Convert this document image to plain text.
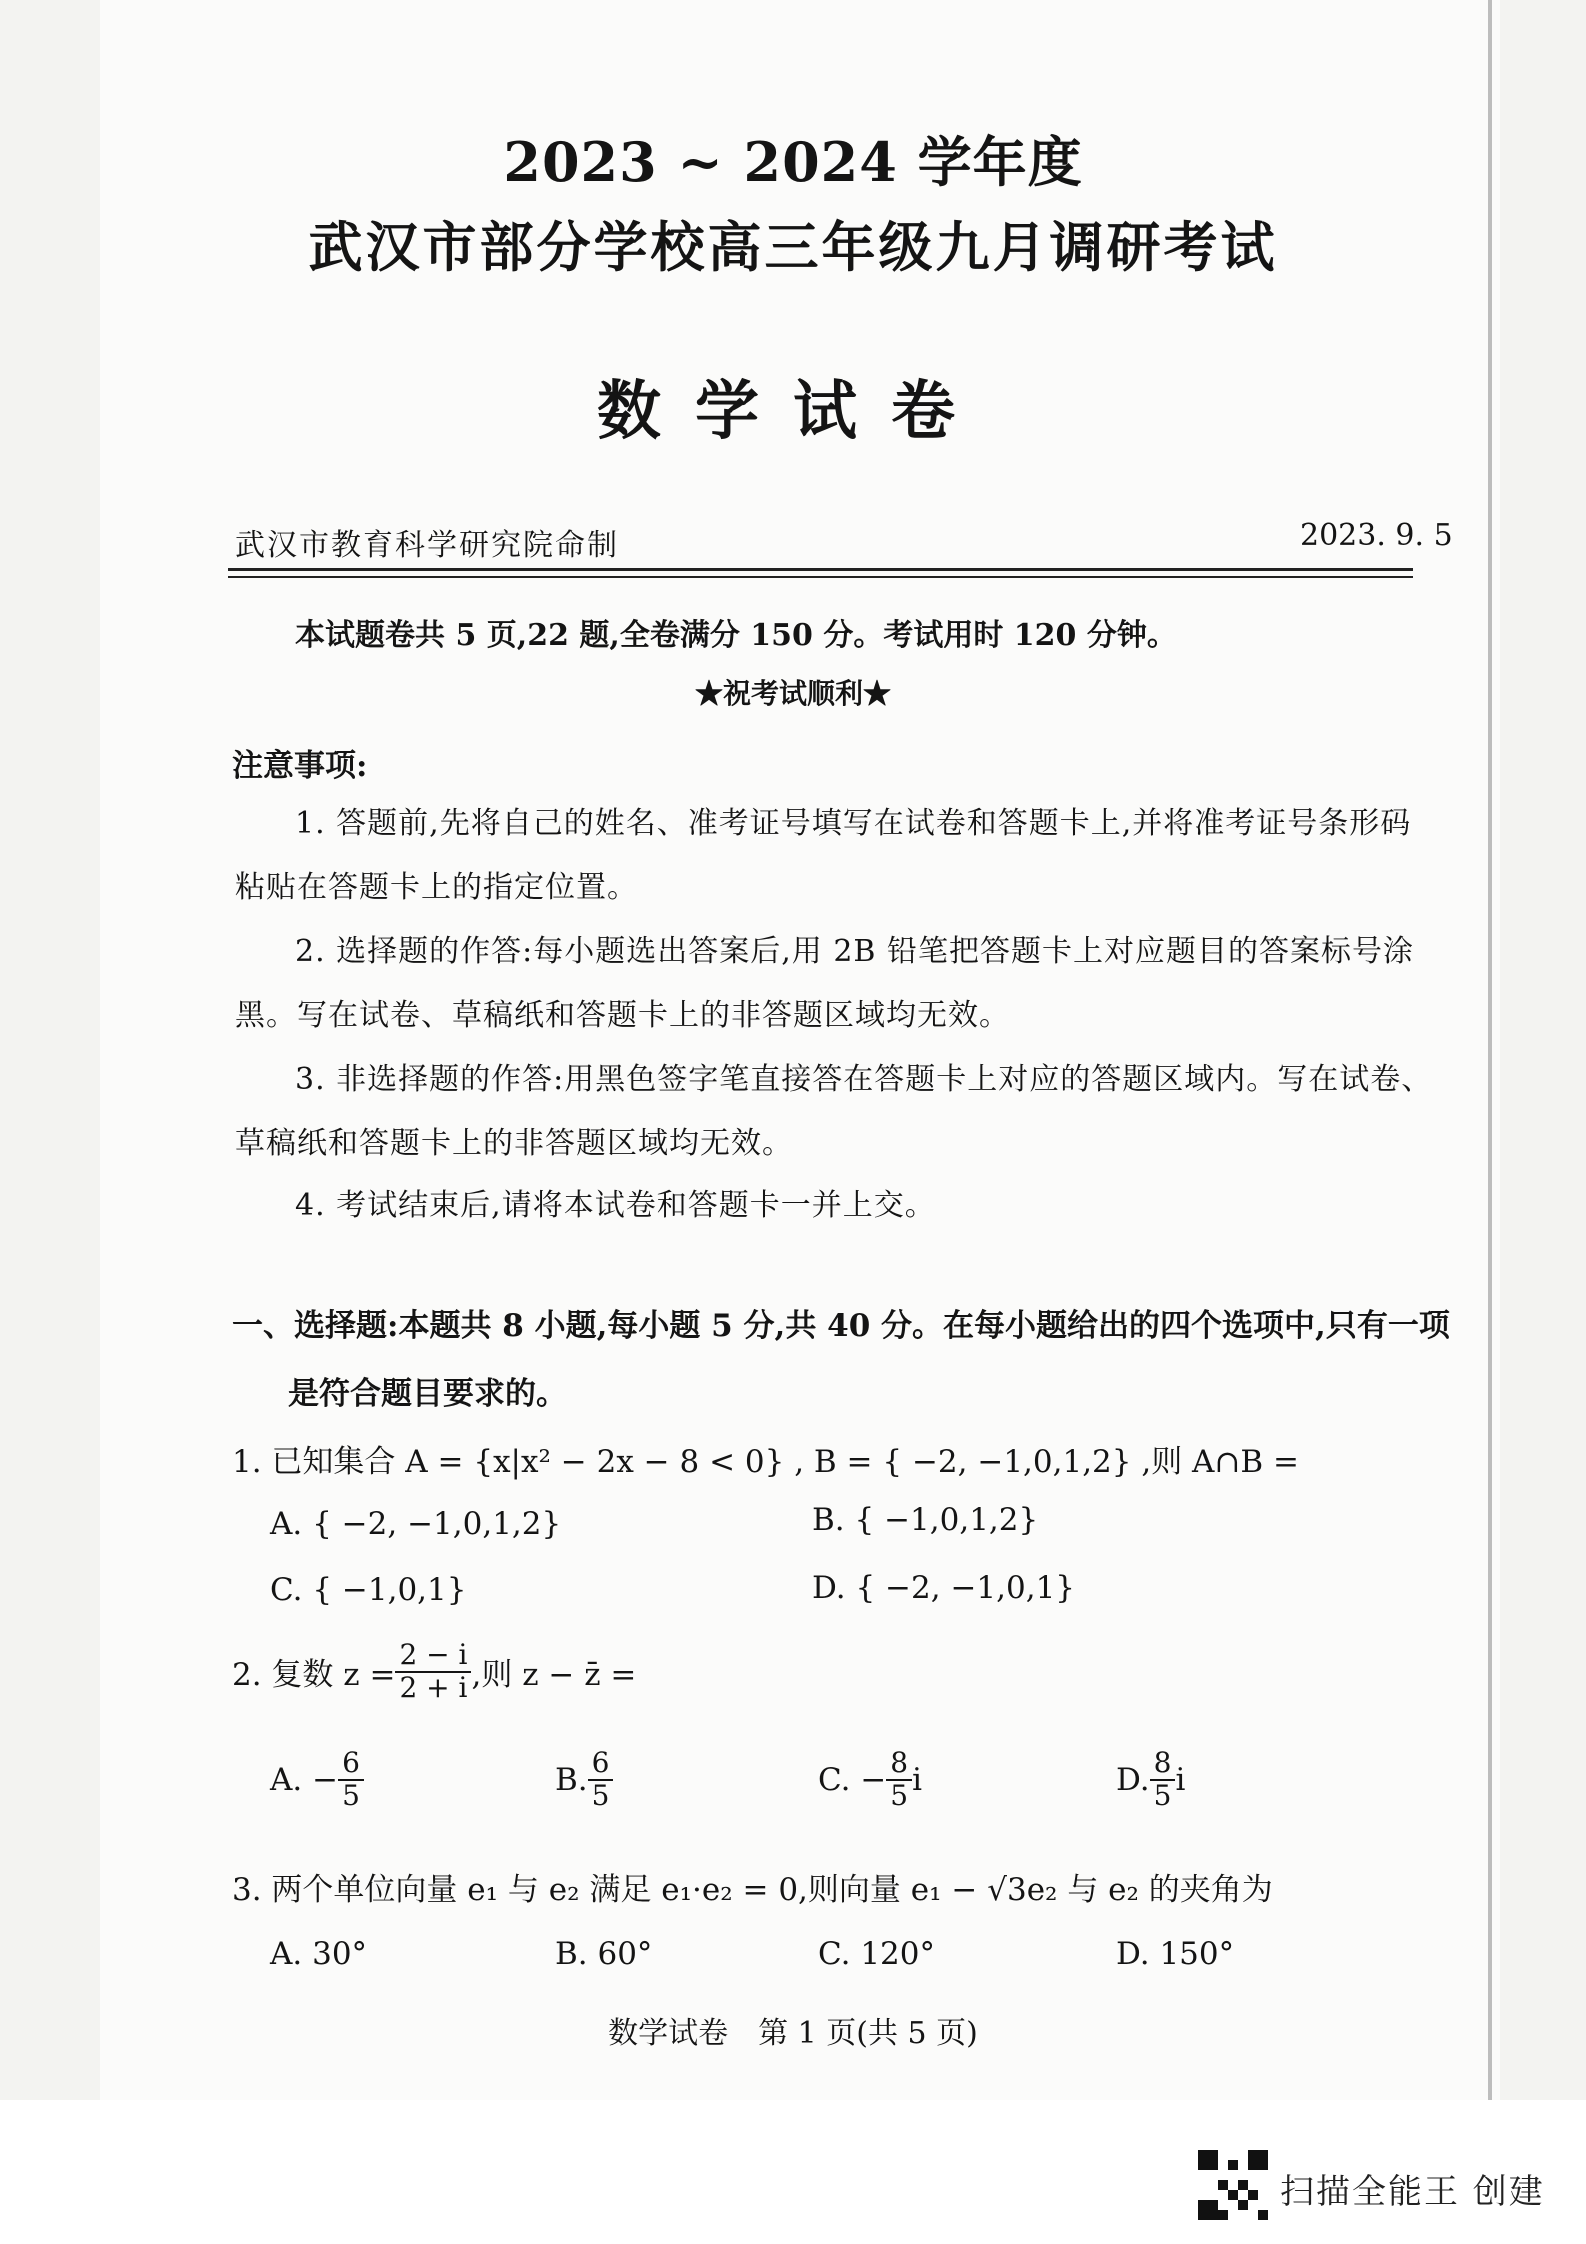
2023 ~ 2024 学年度
武汉市部分学校高三年级九月调研考试
数学试卷
武汉市教育科学研究院命制	2023. 9. 5
本试题卷共 5 页,22 题,全卷满分 150 分。考试用时 120 分钟。
★祝考试顺利★
注意事项:
1. 答题前,先将自己的姓名、准考证号填写在试卷和答题卡上,并将准考证号条形码
粘贴在答题卡上的指定位置。
2. 选择题的作答:每小题选出答案后,用 2B 铅笔把答题卡上对应题目的答案标号涂
黑。写在试卷、草稿纸和答题卡上的非答题区域均无效。
3. 非选择题的作答:用黑色签字笔直接答在答题卡上对应的答题区域内。写在试卷、
草稿纸和答题卡上的非答题区域均无效。
4. 考试结束后,请将本试卷和答题卡一并上交。
一、选择题:本题共 8 小题,每小题 5 分,共 40 分。在每小题给出的四个选项中,只有一项
是符合题目要求的。
1. 已知集合 A = {x|x² − 2x − 8 < 0} , B = { −2, −1,0,1,2} ,则 A∩B =
A. { −2, −1,0,1,2}	B. { −1,0,1,2}
C. { −1,0,1}	D. { −2, −1,0,1}
2. 复数 $z = \frac{2 - i}{2 + i}$ ,则 z − z̄ =
A. − $\frac{6}{5}$	B. $\frac{6}{5}$	C. − $\frac{8}{5}$ i	D. $\frac{8}{5}$ i
3. 两个单位向量 e₁ 与 e₂ 满足 e₁·e₂ = 0,则向量 e₁ − √3e₂ 与 e₂ 的夹角为
A. 30°	B. 60°	C. 120°	D. 150°
数学试卷　第 1 页(共 5 页)
扫描全能王 创建
